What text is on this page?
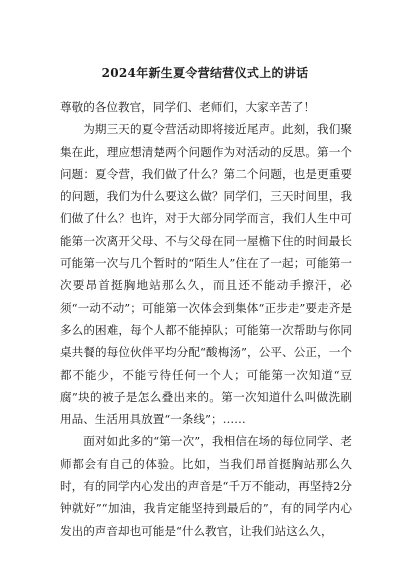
2024年新生夏令营结营仪式上的讲话

尊敬的各位教官，同学们、老师们，大家辛苦了！

为期三天的夏令营活动即将接近尾声。此刻，我们聚集在此，理应想清楚两个问题作为对活动的反思。第一个问题：夏令营，我们做了什么？第二个问题，也是更重要的问题，我们为什么要这么做？同学们，三天时间里，我们做了什么？也许，对于大部分同学而言，我们人生中可能第一次离开父母、不与父母在同一屋檐下住的时间最长可能第一次与几个暂时的“陌生人”住在了一起；可能第一次要昂首挺胸地站那么久，而且还不能动手擦汗，必须“一动不动”；可能第一次体会到集体“正步走”要走齐是多么的困难，每个人都不能掉队；可能第一次帮助与你同桌共餐的每位伙伴平均分配“酸梅汤”，公平、公正，一个都不能少，不能亏待任何一个人；可能第一次知道“豆腐”块的被子是怎么叠出来的。第一次知道什么叫做洗刷用品、生活用具放置“一条线”；……

面对如此多的“第一次”，我相信在场的每位同学、老师都会有自己的体验。比如，当我们昂首挺胸站那么久时，有的同学内心发出的声音是“千万不能动，再坚持2分钟就好”“加油，我肯定能坚持到最后的”，有的同学内心发出的声音却也可能是“什么教官，让我们站这么久，
